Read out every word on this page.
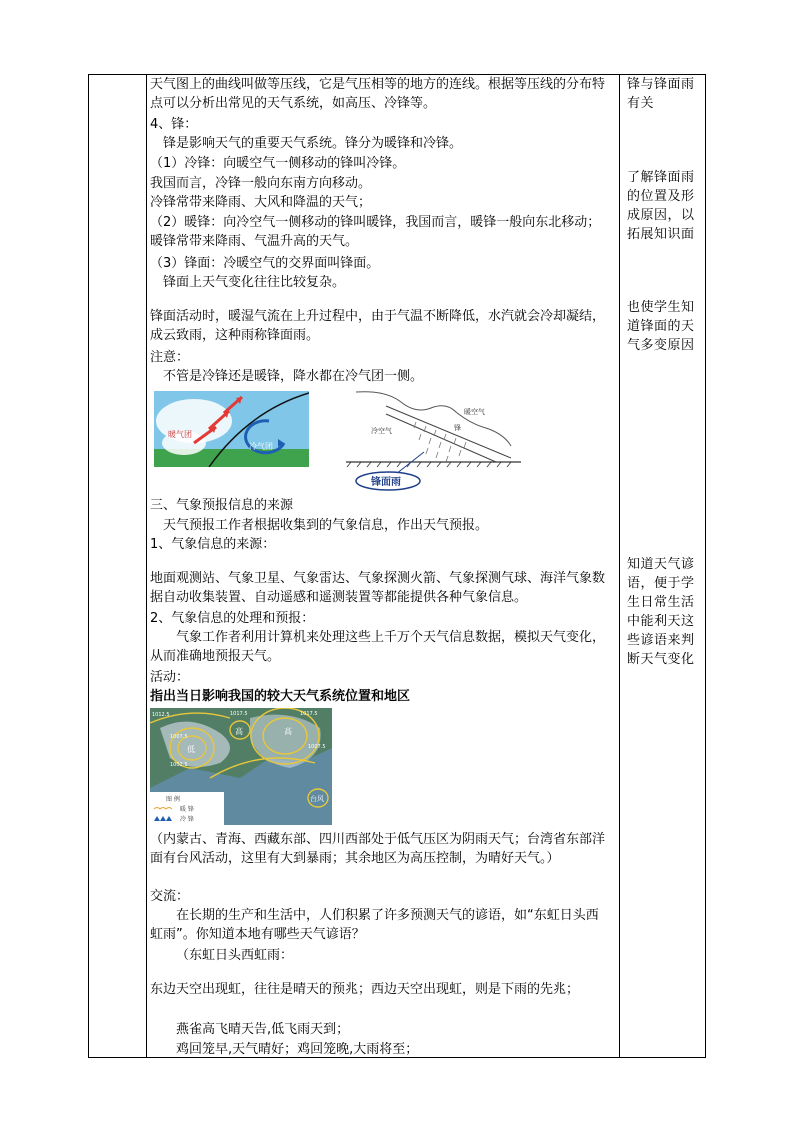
天气图上的曲线叫做等压线，它是气压相等的地方的连线。根据等压线的分布特点可以分析出常见的天气系统，如高压、冷锋等。
4、锋：
锋是影响天气的重要天气系统。锋分为暖锋和冷锋。
（1）冷锋：向暖空气一侧移动的锋叫冷锋。
我国而言，冷锋一般向东南方向移动。
冷锋常带来降雨、大风和降温的天气；
（2）暖锋：向冷空气一侧移动的锋叫暖锋，我国而言，暖锋一般向东北移动；暖锋常带来降雨、气温升高的天气。
（3）锋面：冷暖空气的交界面叫锋面。
锋面上天气变化往往比较复杂。
锋面活动时，暖湿气流在上升过程中，由于气温不断降低，水汽就会冷却凝结，成云致雨，这种雨称锋面雨。
注意：
不管是冷锋还是暖锋，降水都在冷气团一侧。
暖气团
冷气团
锋面雨
冷空气
暖空气
锋
三、气象预报信息的来源
天气预报工作者根据收集到的气象信息，作出天气预报。
1、气象信息的来源：
地面观测站、气象卫星、气象雷达、气象探测火箭、气象探测气球、海洋气象数据自动收集装置、自动遥感和遥测装置等都能提供各种气象信息。
2、气象信息的处理和预报：
气象工作者利用计算机来处理这些上千万个天气信息数据，模拟天气变化，从而准确地预报天气。
活动：
指出当日影响我国的较大天气系统位置和地区
低
高	高
台风
1012.5	1017.5	1017.5
1007.5
1007.5
1002.5
图 例
暖 锋
冷 锋
（内蒙古、青海、西藏东部、四川西部处于低气压区为阴雨天气；台湾省东部洋面有台风活动，这里有大到暴雨；其余地区为高压控制，为晴好天气。）
交流：
在长期的生产和生活中，人们积累了许多预测天气的谚语，如“东虹日头西虹雨”。你知道本地有哪些天气谚语？
（东虹日头西虹雨：
东边天空出现虹，往往是晴天的预兆；西边天空出现虹，则是下雨的先兆；
燕雀高飞晴天告,低飞雨天到；
鸡回笼早,天气晴好；鸡回笼晚,大雨将至；
锋与锋面雨有关
了解锋面雨的位置及形成原因，以拓展知识面
也使学生知道锋面的天气多变原因
知道天气谚语，便于学生日常生活中能利天这些谚语来判断天气变化
